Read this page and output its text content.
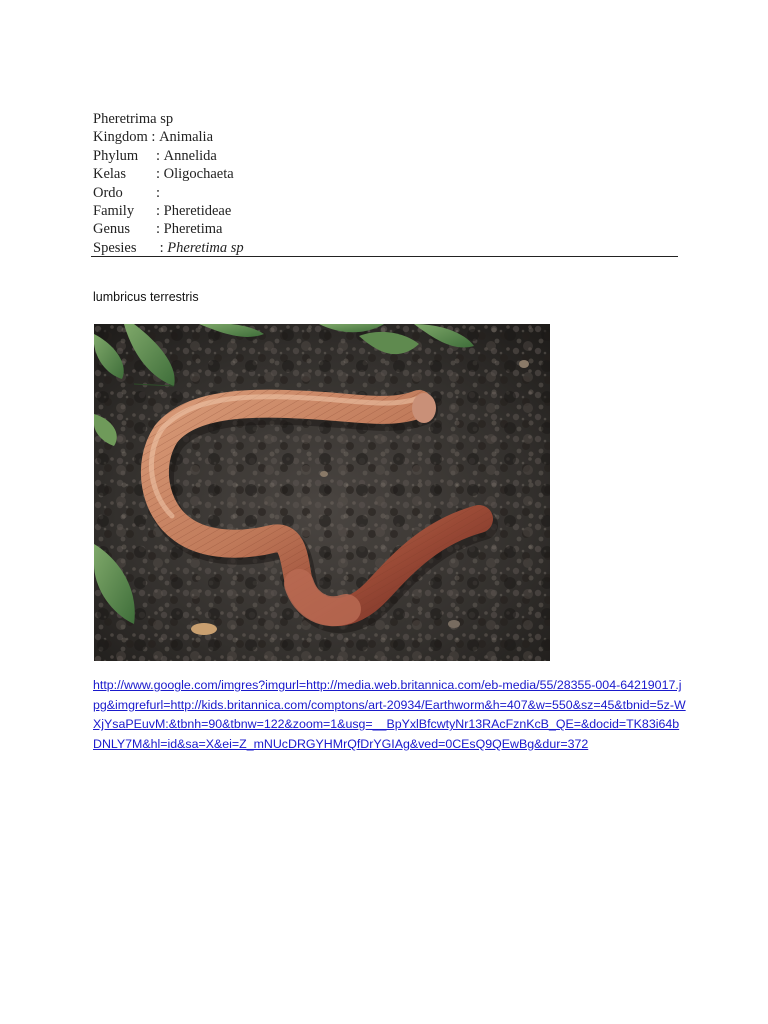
Pheretrima sp
Kingdom : Animalia
Phylum	: Annelida
Kelas	: Oligochaeta
Ordo	:
Family	: Pheretideae
Genus	: Pheretima
Spesies	: Pheretima sp
lumbricus terrestris
http://www.google.com/imgres?imgurl=http://media.web.britannica.com/eb-media/55/28355-004-64219017.jpg&imgrefurl=http://kids.britannica.com/comptons/art-20934/Earthworm&h=407&w=550&sz=45&tbnid=5z-WXjYsaPEuvM:&tbnh=90&tbnw=122&zoom=1&usg=__BpYxlBfcwtyNr13RAcFznKcB_QE=&docid=TK83i64bDNLY7M&hl=id&sa=X&ei=Z_mNUcDRGYHMrQfDrYGIAg&ved=0CEsQ9QEwBg&dur=372
